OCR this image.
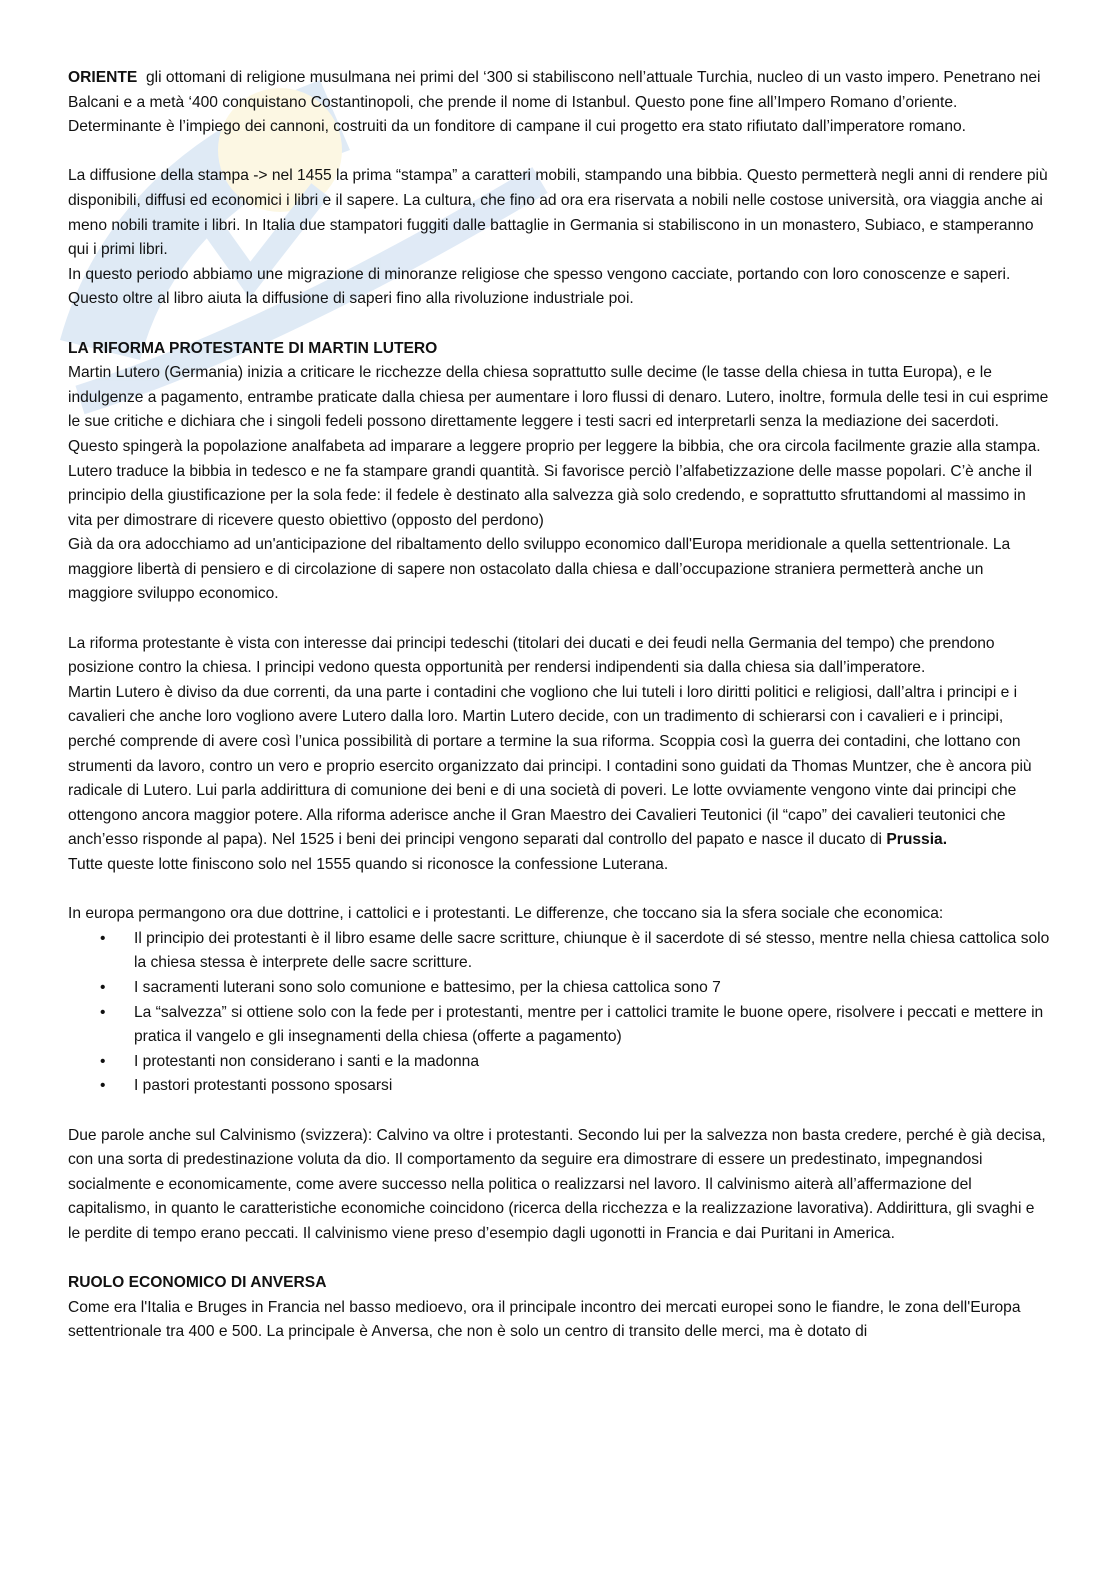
ORIENTE gli ottomani di religione musulmana nei primi del ‘300 si stabiliscono nell’attuale Turchia, nucleo di un vasto impero. Penetrano nei Balcani e a metà ‘400 conquistano Costantinopoli, che prende il nome di Istanbul. Questo pone fine all’Impero Romano d’oriente. Determinante è l’impiego dei cannoni, costruiti da un fonditore di campane il cui progetto era stato rifiutato dall’imperatore romano.

La diffusione della stampa -> nel 1455 la prima “stampa” a caratteri mobili, stampando una bibbia. Questo permetterà negli anni di rendere più disponibili, diffusi ed economici i libri e il sapere. La cultura, che fino ad ora era riservata a nobili nelle costose università, ora viaggia anche ai meno nobili tramite i libri. In Italia due stampatori fuggiti dalle battaglie in Germania si stabiliscono in un monastero, Subiaco, e stamperanno qui i primi libri.

In questo periodo abbiamo une migrazione di minoranze religiose che spesso vengono cacciate, portando con loro conoscenze e saperi. Questo oltre al libro aiuta la diffusione di saperi fino alla rivoluzione industriale poi.

LA RIFORMA PROTESTANTE DI MARTIN LUTERO

Martin Lutero (Germania) inizia a criticare le ricchezze della chiesa soprattutto sulle decime (le tasse della chiesa in tutta Europa), e le indulgenze a pagamento, entrambe praticate dalla chiesa per aumentare i loro flussi di denaro. Lutero, inoltre, formula delle tesi in cui esprime le sue critiche e dichiara che i singoli fedeli possono direttamente leggere i testi sacri ed interpretarli senza la mediazione dei sacerdoti. Questo spingerà la popolazione analfabeta ad imparare a leggere proprio per leggere la bibbia, che ora circola facilmente grazie alla stampa. Lutero traduce la bibbia in tedesco e ne fa stampare grandi quantità. Si favorisce perciò l’alfabetizzazione delle masse popolari. C’è anche il principio della giustificazione per la sola fede: il fedele è destinato alla salvezza già solo credendo, e soprattutto sfruttandomi al massimo in vita per dimostrare di ricevere questo obiettivo (opposto del perdono)

Già da ora adocchiamo ad un'anticipazione del ribaltamento dello sviluppo economico dall'Europa meridionale a quella settentrionale. La maggiore libertà di pensiero e di circolazione di sapere non ostacolato dalla chiesa e dall’occupazione straniera permetterà anche un maggiore sviluppo economico.

La riforma protestante è vista con interesse dai principi tedeschi (titolari dei ducati e dei feudi nella Germania del tempo) che prendono posizione contro la chiesa. I principi vedono questa opportunità per rendersi indipendenti sia dalla chiesa sia dall’imperatore.

Martin Lutero è diviso da due correnti, da una parte i contadini che vogliono che lui tuteli i loro diritti politici e religiosi, dall’altra i principi e i cavalieri che anche loro vogliono avere Lutero dalla loro. Martin Lutero decide, con un tradimento di schierarsi con i cavalieri e i principi, perché comprende di avere così l’unica possibilità di portare a termine la sua riforma. Scoppia così la guerra dei contadini, che lottano con strumenti da lavoro, contro un vero e proprio esercito organizzato dai principi. I contadini sono guidati da Thomas Muntzer, che è ancora più radicale di Lutero. Lui parla addirittura di comunione dei beni e di una società di poveri. Le lotte ovviamente vengono vinte dai principi che ottengono ancora maggior potere. Alla riforma aderisce anche il Gran Maestro dei Cavalieri Teutonici (il “capo” dei cavalieri teutonici che anch’esso risponde al papa). Nel 1525 i beni dei principi vengono separati dal controllo del papato e nasce il ducato di Prussia.

Tutte queste lotte finiscono solo nel 1555 quando si riconosce la confessione Luterana.

In europa permangono ora due dottrine, i cattolici e i protestanti. Le differenze, che toccano sia la sfera sociale che economica:

• Il principio dei protestanti è il libro esame delle sacre scritture, chiunque è il sacerdote di sé stesso, mentre nella chiesa cattolica solo la chiesa stessa è interprete delle sacre scritture.
• I sacramenti luterani sono solo comunione e battesimo, per la chiesa cattolica sono 7
• La “salvezza” si ottiene solo con la fede per i protestanti, mentre per i cattolici tramite le buone opere, risolvere i peccati e mettere in pratica il vangelo e gli insegnamenti della chiesa (offerte a pagamento)
• I protestanti non considerano i santi e la madonna
• I pastori protestanti possono sposarsi

Due parole anche sul Calvinismo (svizzera): Calvino va oltre i protestanti. Secondo lui per la salvezza non basta credere, perché è già decisa, con una sorta di predestinazione voluta da dio. Il comportamento da seguire era dimostrare di essere un predestinato, impegnandosi socialmente e economicamente, come avere successo nella politica o realizzarsi nel lavoro. Il calvinismo aiterà all’affermazione del capitalismo, in quanto le caratteristiche economiche coincidono (ricerca della ricchezza e la realizzazione lavorativa). Addirittura, gli svaghi e le perdite di tempo erano peccati. Il calvinismo viene preso d’esempio dagli ugonotti in Francia e dai Puritani in America.

RUOLO ECONOMICO DI ANVERSA

Come era l'Italia e Bruges in Francia nel basso medioevo, ora il principale incontro dei mercati europei sono le fiandre, le zona dell'Europa settentrionale tra 400 e 500. La principale è Anversa, che non è solo un centro di transito delle merci, ma è dotato di
